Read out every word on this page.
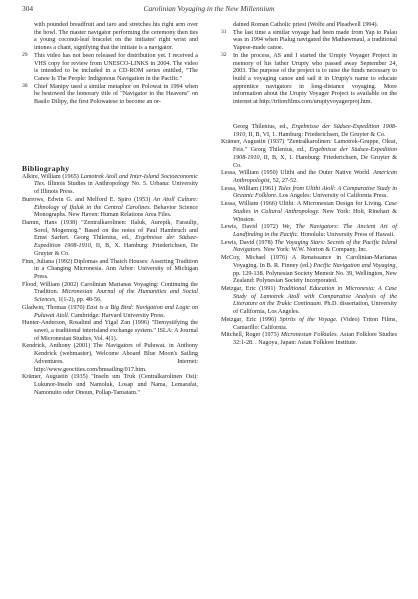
304	Carolinian Voyaging in the New Millennium
with pounded breadfruit and taro and stretches his right arm over the bowl. The master navigator performing the ceremony then ties a young coconut-leaf bracelet on the initiates' right wrist and intones a chant, signifying that the initiate is a navigator.
29 This video has not been released for distribution yet. I received a VHS copy for review from UNESCO-LINKS in 2004. The video is intended to be included in a CD-ROM series entitled, "The Canoe Is The People: Indigenous Navigation in the Pacific."
30 Chief Manipy used a similar metaphor on Polowat in 1994 when he bestowed the honorary title of "Navigator to the Heavens" on Basilo Dilipy, the first Polowatese to become an or-
Bibliography
Alkire, William (1965) Lamotrek Atoll and Inter-Island Socioeconomic Ties. Illinois Studies in Anthropology No. 5. Urbana: University of Illinois Press.
Burrows, Edwin G. and Melford E. Spiro (1953) An Atoll Culture: Ethnology of Ifaluk in the Central Carolines. Behavior Science Monographs. New Haven: Human Relations Area Files.
Damm, Hans (1938) "Zentralkarolinen: Ifaluk, Aurepik, Faraulip, Sorol, Mogemog." Based on the notes of Paul Hambruch and Ernst Sarfert. Georg Thilenius, ed., Ergebnisse der Südsee-Expedition 1908-1910, II, B, X. Hamburg: Friederichsen, De Gruyter & Co.
Finn, Juliana (1992) Diplomas and Thatch Houses: Asserting Tradition in a Changing Micronesia. Ann Arbor: University of Michigan Press.
Flood, William (2002) Carolinian Marianas Voyaging: Continuing the Tradition. Micronesian Journal of the Humanities and Social Sciences, 1(1-2), pp. 48-56.
Gladwin, Thomas (1970) East is a Big Bird: Navigation and Logic on Puluwat Atoll. Cambridge: Harvard University Press.
Hunter-Anderson, Rosalind and Yigal Zan (1996) "Demystifying the sawei, a traditional interisland exchange system." ISLA: A Journal of Micronesian Studies, Vol. 4(1).
Kendrick, Anthony (2001) The Navigators of Puluwat. in Anthony Kendrick (webmaster), Welcome Aboard Blue Moon's Sailing Adventures. Internet: http://www.geocities.com/bmsailing/017.htm.
Krämer, Augustin (1935) "Inseln um Truk (Centralkarolinen Ost): Lukunor-Inseln und Namoluk, Losap und Nama, Lemarafat, Namonuito oder Onoun, Pollap-Tamatam."
dained Roman Catholic priest (Wolfe and Pleadwell 1994).
31 The last time a similar voyage had been made from Yap to Palau was in 1994 when Pialug navigated the Mathawmaul, a traditional Yapese-made canoe.
32 In the process, AS and I started the Urupiy Voyager Project in memory of his father Urupiy who passed away September 24, 2003. The purpose of the project is to raise the funds necessary to build a voyaging canoe and sail it in Urupiy's name to educate apprentice navigators in long-distance voyaging. More information about the Urupiy Voyager Project is available on the internet at http://tritonfilms.com/urupiyvoyagerproj.htm.
Georg Thilenius, ed., Ergebnisse der Südsee-Expedition 1908-1910, II, B, VI, 1. Hamburg: Friederichsen, De Gruyter & Co.
Krämer, Augustin (1937) "Zentralkarolinen: Lamotrek-Gruppe, Oleai, Feis." Georg Thilenius, ed., Ergebnisse der Südsee-Expedition 1908-1910, II, B, X, 1. Hamburg: Friederichsen, De Gruyter & Co.
Lessa, William (1950) Ulithi and the Outer Native World. American Anthropologist, 52, 27-52.
Lessa, William (1961) Tales from Ulithi Atoll: A Comparative Study in Oceanic Folklore. Los Angeles: University of California Press.
Lessa, William (1966) Ulithi: A Micronesian Design for Living. Case Studies in Cultural Anthropology. New York: Holt, Rinehart & Winston.
Lewis, David (1972) We, The Navigators: The Ancient Art of Landfinding in the Pacific. Honolulu: University Press of Hawaii.
Lewis, David (1978) The Voyaging Stars: Secrets of the Pacific Island Navigators. New York: W.W. Norton & Company, Inc.
McCoy, Michael (1976) A Renaissance in Carolinian-Marianas Voyaging. In B. R. Finney (ed.) Pacific Navigation and Voyaging, pp. 129-138. Polynesian Society Memoir No. 39, Wellington, New Zealand: Polynesian Society Incorporated.
Metzgar, Eric (1991) Traditional Education in Micronesia: A Case Study of Lamotrek Atoll with Comparative Analysis of the Literature on the Trukic Continuum. Ph.D. dissertation, University of California, Los Angeles.
Metzgar, Eric (1996) Spirits of the Voyage. (Video) Triton Films, Camarillo: California.
Mitchell, Roger (1973) Micronesian Folktales. Asian Folklore Studies 32:1-28. . Nagoya, Japan: Asian Folklore Institute.
